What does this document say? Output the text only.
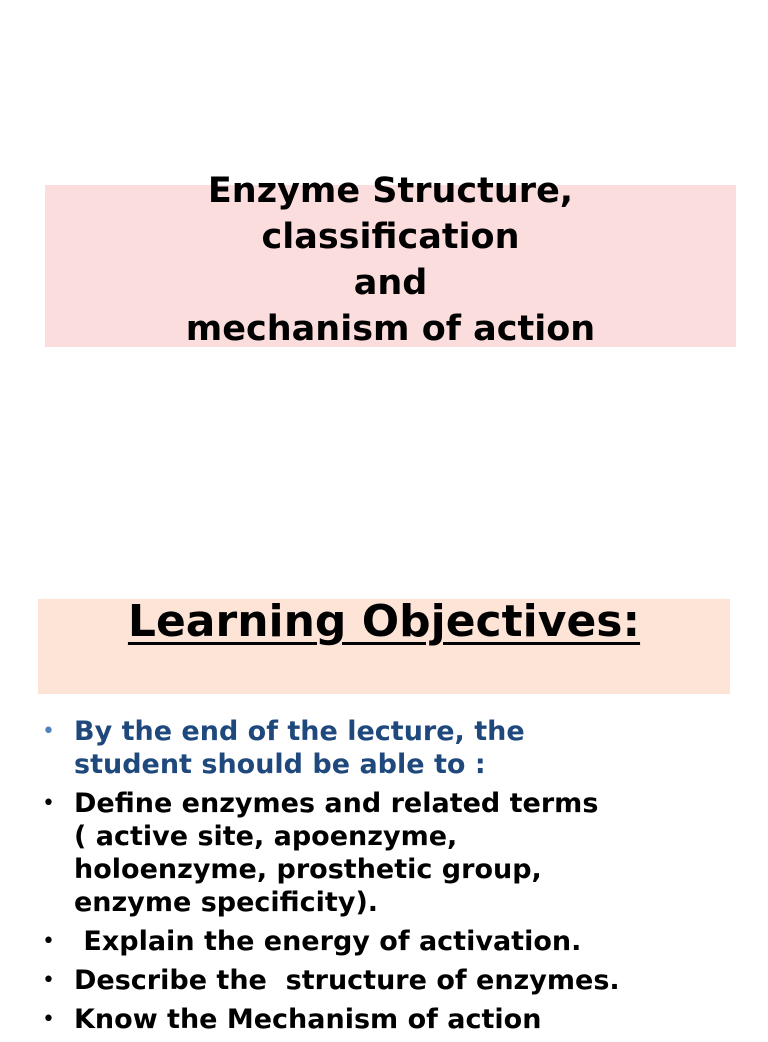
Enzyme Structure,
classification
and
mechanism of action
Learning Objectives:
• By the end of the lecture, the
student should be able to :
• Define enzymes and related terms
( active site, apoenzyme,
holoenzyme, prosthetic group,
enzyme specificity).
• Explain the energy of activation.
• Describe the  structure of enzymes.
• Know the Mechanism of action
